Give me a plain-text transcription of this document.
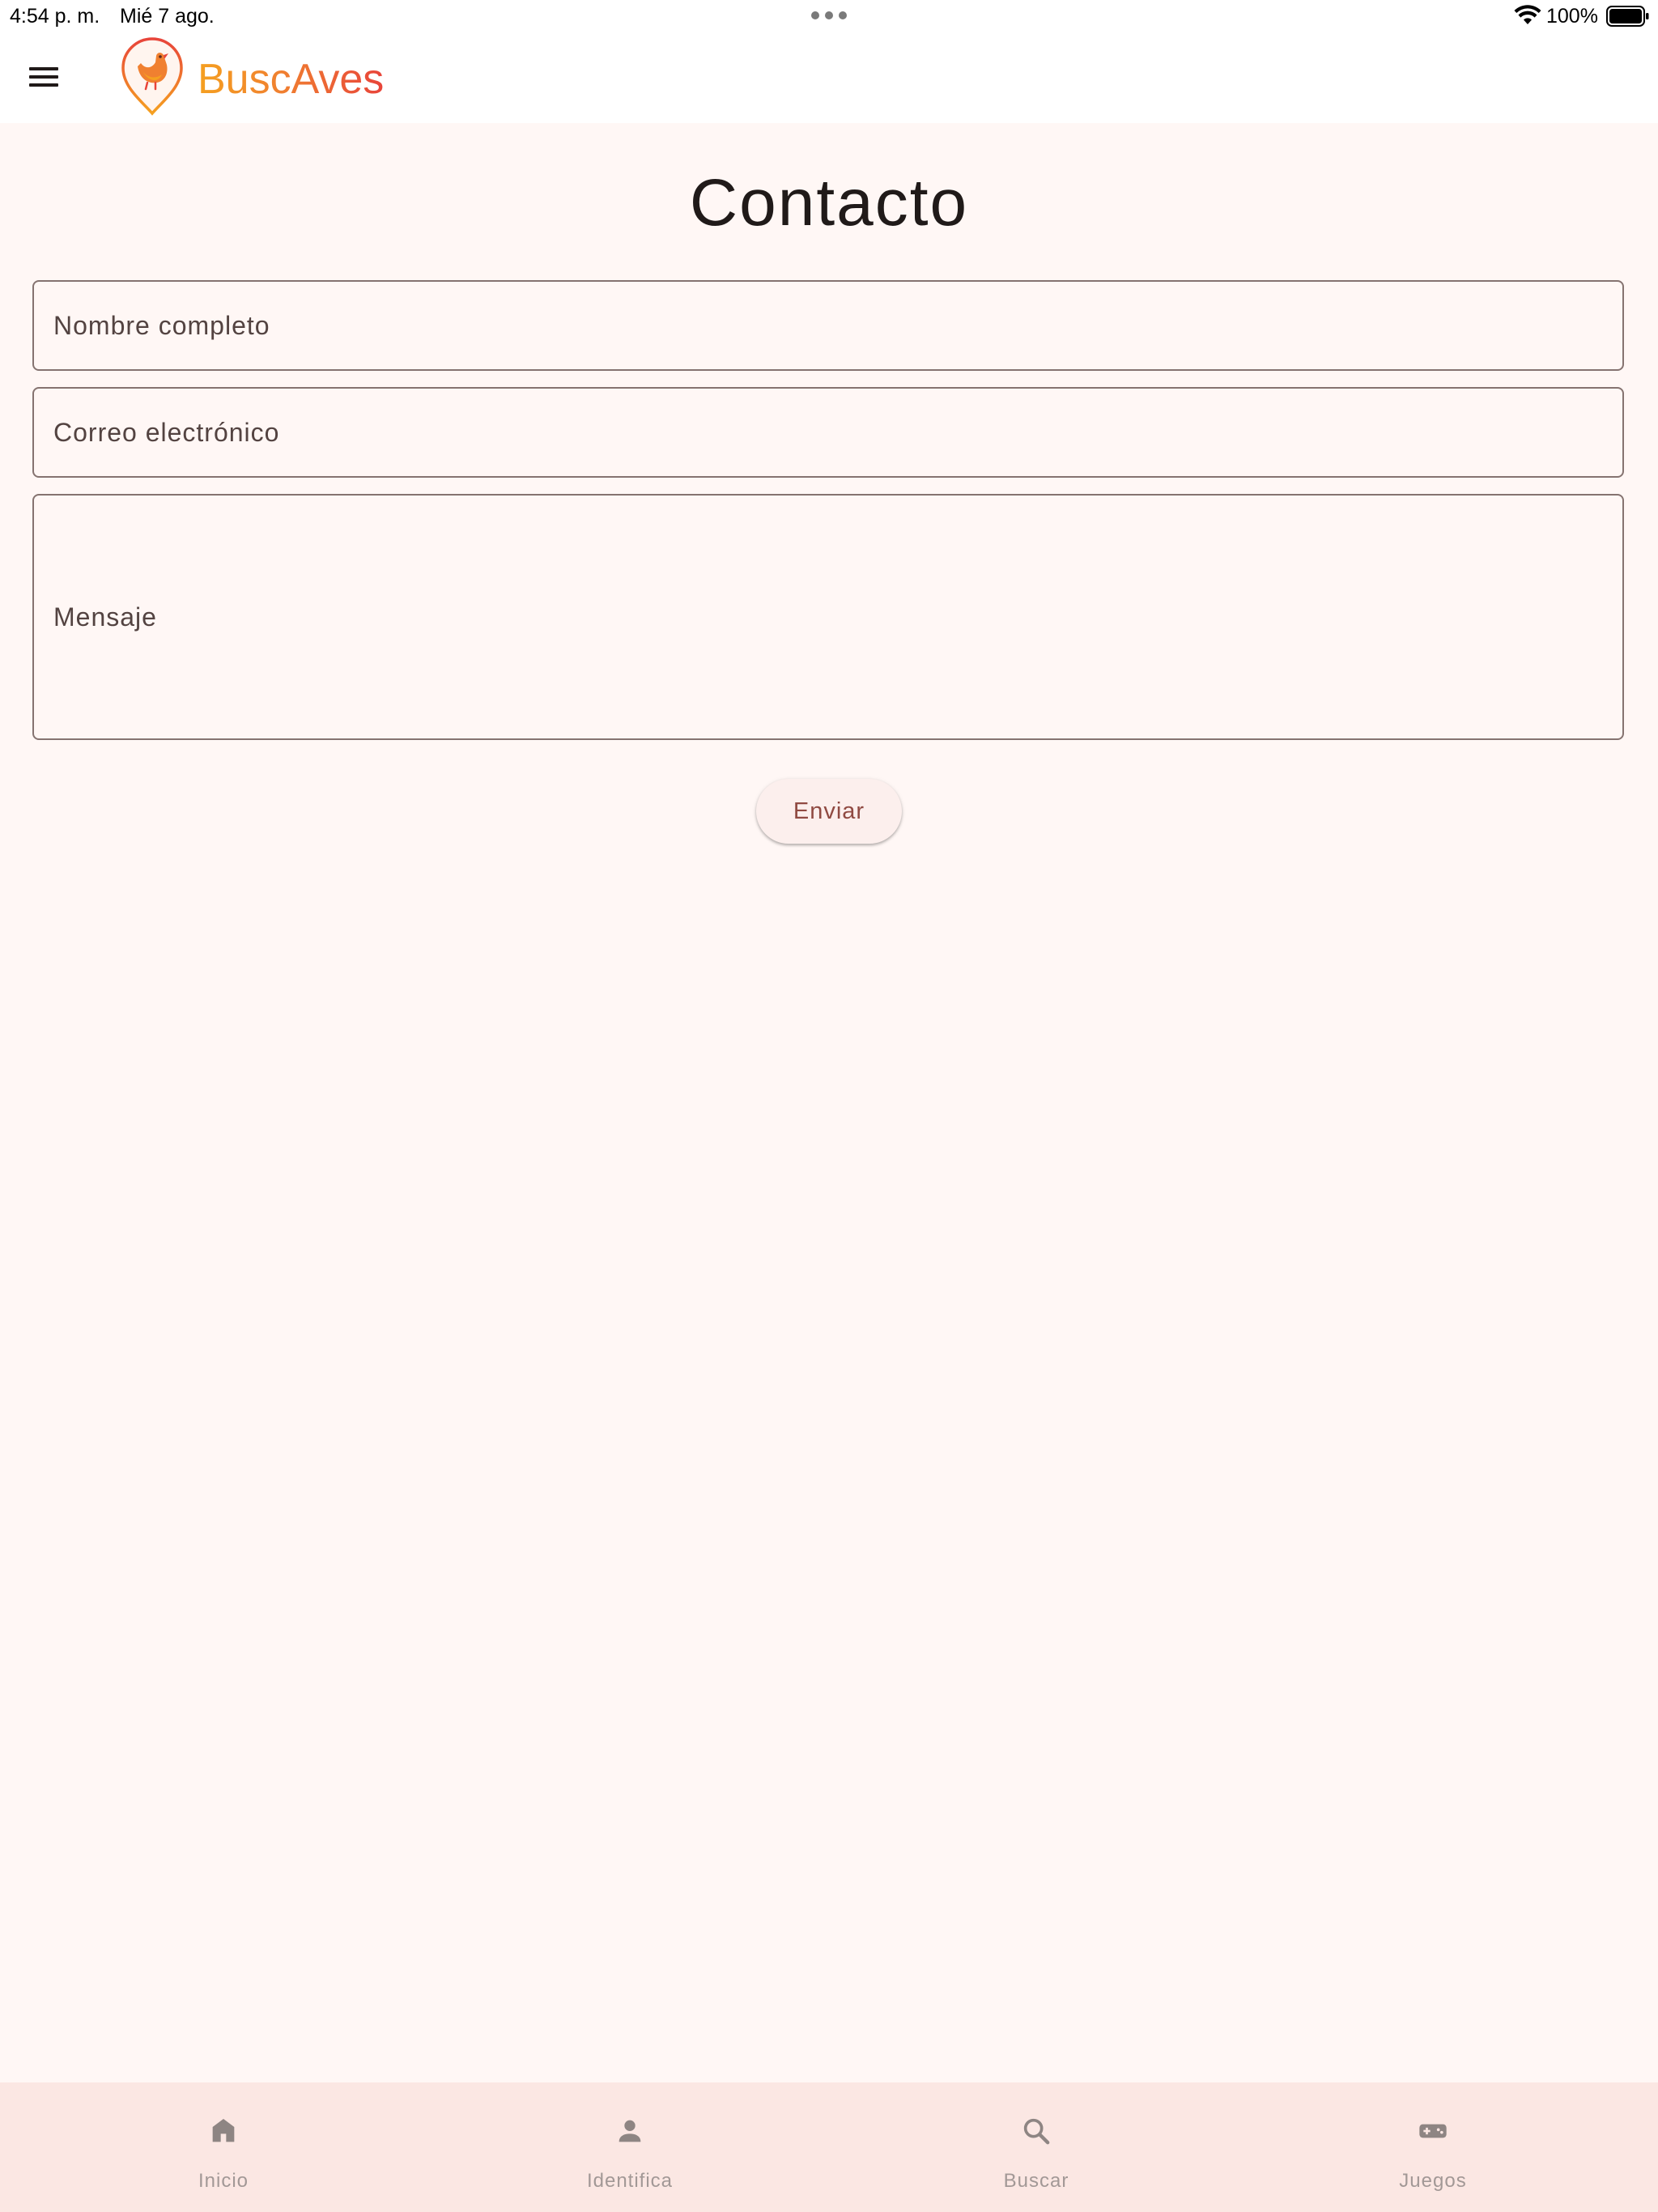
4:54 p. m. Mié 7 ago.	100%
BuscAves
Contacto
Nombre completo
Correo electrónico
Mensaje
Enviar
Inicio	Identifica	Buscar	Juegos
